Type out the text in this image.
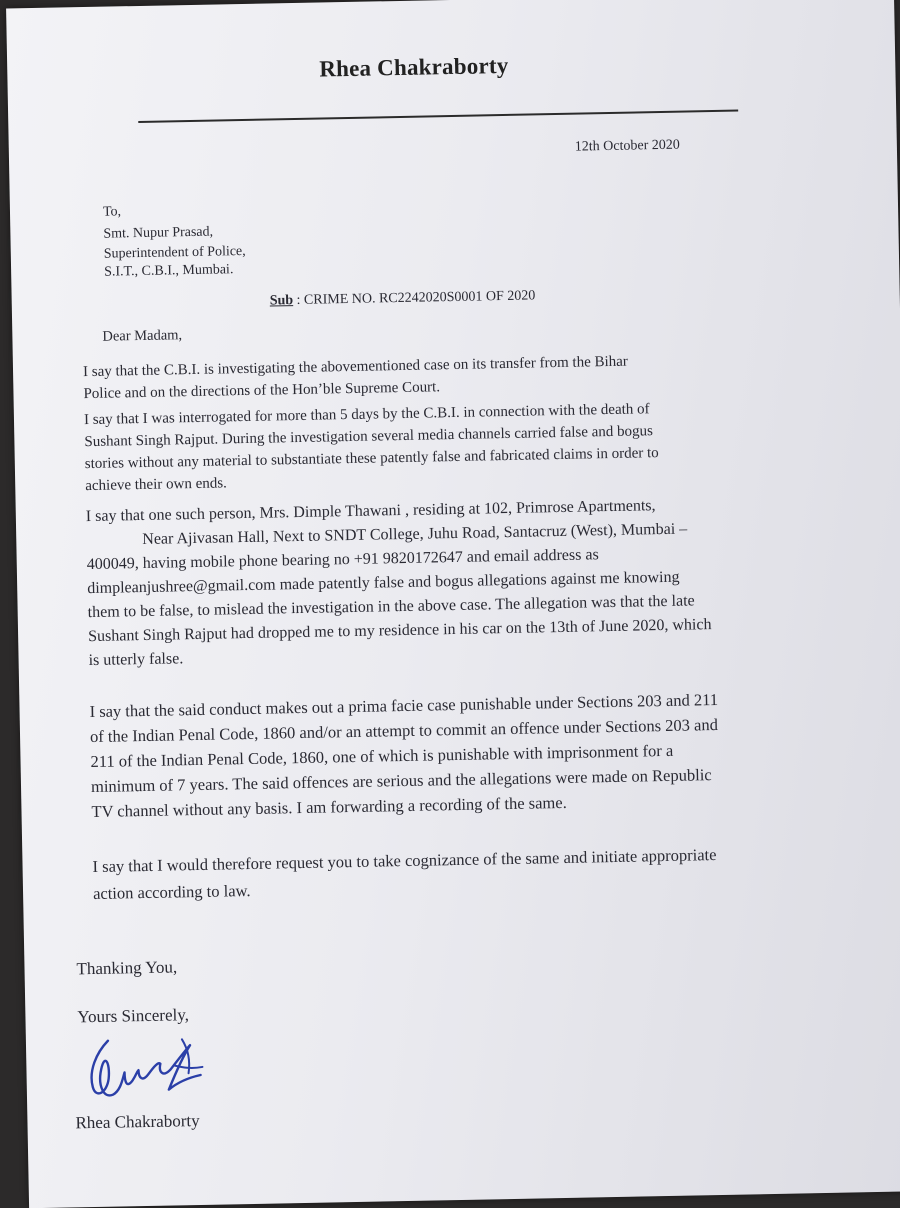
Rhea Chakraborty
12th October 2020
To,
Smt. Nupur Prasad,
Superintendent of Police,
S.I.T., C.B.I., Mumbai.
Sub : CRIME NO. RC2242020S0001 OF 2020
Dear Madam,
I say that the C.B.I. is investigating the abovementioned case on its transfer from the Bihar
Police and on the directions of the Hon’ble Supreme Court.
I say that I was interrogated for more than 5 days by the C.B.I. in connection with the death of
Sushant Singh Rajput. During the investigation several media channels carried false and bogus
stories without any material to substantiate these patently false and fabricated claims in order to
achieve their own ends.
I say that one such person, Mrs. Dimple Thawani , residing at 102, Primrose Apartments,
Near Ajivasan Hall, Next to SNDT College, Juhu Road, Santacruz (West), Mumbai –
400049, having mobile phone bearing no +91 9820172647 and email address as
dimpleanjushree@gmail.com made patently false and bogus allegations against me knowing
them to be false, to mislead the investigation in the above case. The allegation was that the late
Sushant Singh Rajput had dropped me to my residence in his car on the 13th of June 2020, which
is utterly false.
I say that the said conduct makes out a prima facie case punishable under Sections 203 and 211
of the Indian Penal Code, 1860 and/or an attempt to commit an offence under Sections 203 and
211 of the Indian Penal Code, 1860, one of which is punishable with imprisonment for a
minimum of 7 years. The said offences are serious and the allegations were made on Republic
TV channel without any basis. I am forwarding a recording of the same.
I say that I would therefore request you to take cognizance of the same and initiate appropriate
action according to law.
Thanking You,
Yours Sincerely,
Rhea Chakraborty
